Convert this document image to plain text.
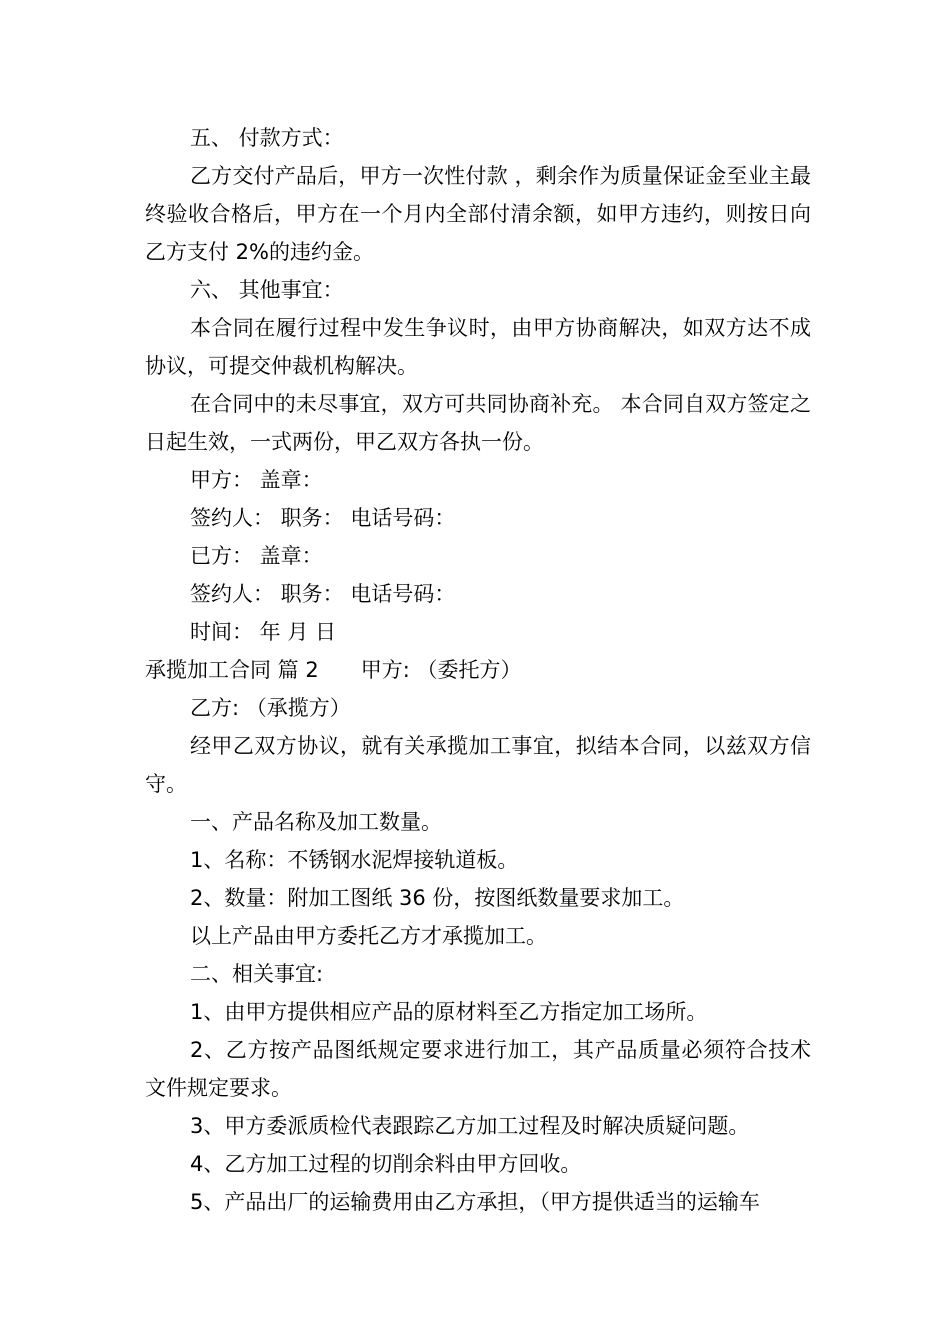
五、 付款方式：

乙方交付产品后，甲方一次性付款 ，剩余作为质量保证金至业主最终验收合格后，甲方在一个月内全部付清余额，如甲方违约，则按日向乙方支付 2%的违约金。

六、 其他事宜：

本合同在履行过程中发生争议时，由甲方协商解决，如双方达不成协议，可提交仲裁机构解决。

在合同中的未尽事宜，双方可共同协商补充。 本合同自双方签定之日起生效，一式两份，甲乙双方各执一份。

甲方： 盖章：

签约人： 职务： 电话号码：

已方： 盖章：

签约人： 职务： 电话号码：

时间： 年 月 日

承揽加工合同 篇 2 甲方: （委托方）

乙方: （承揽方）

经甲乙双方协议，就有关承揽加工事宜，拟结本合同，以兹双方信守。

一、产品名称及加工数量。

1、名称：不锈钢水泥焊接轨道板。

2、数量：附加工图纸 36 份，按图纸数量要求加工。

以上产品由甲方委托乙方才承揽加工。

二、相关事宜:

1、由甲方提供相应产品的原材料至乙方指定加工场所。

2、乙方按产品图纸规定要求进行加工，其产品质量必须符合技术文件规定要求。

3、甲方委派质检代表跟踪乙方加工过程及时解决质疑问题。

4、乙方加工过程的切削余料由甲方回收。

5、产品出厂的运输费用由乙方承担，（甲方提供适当的运输车
